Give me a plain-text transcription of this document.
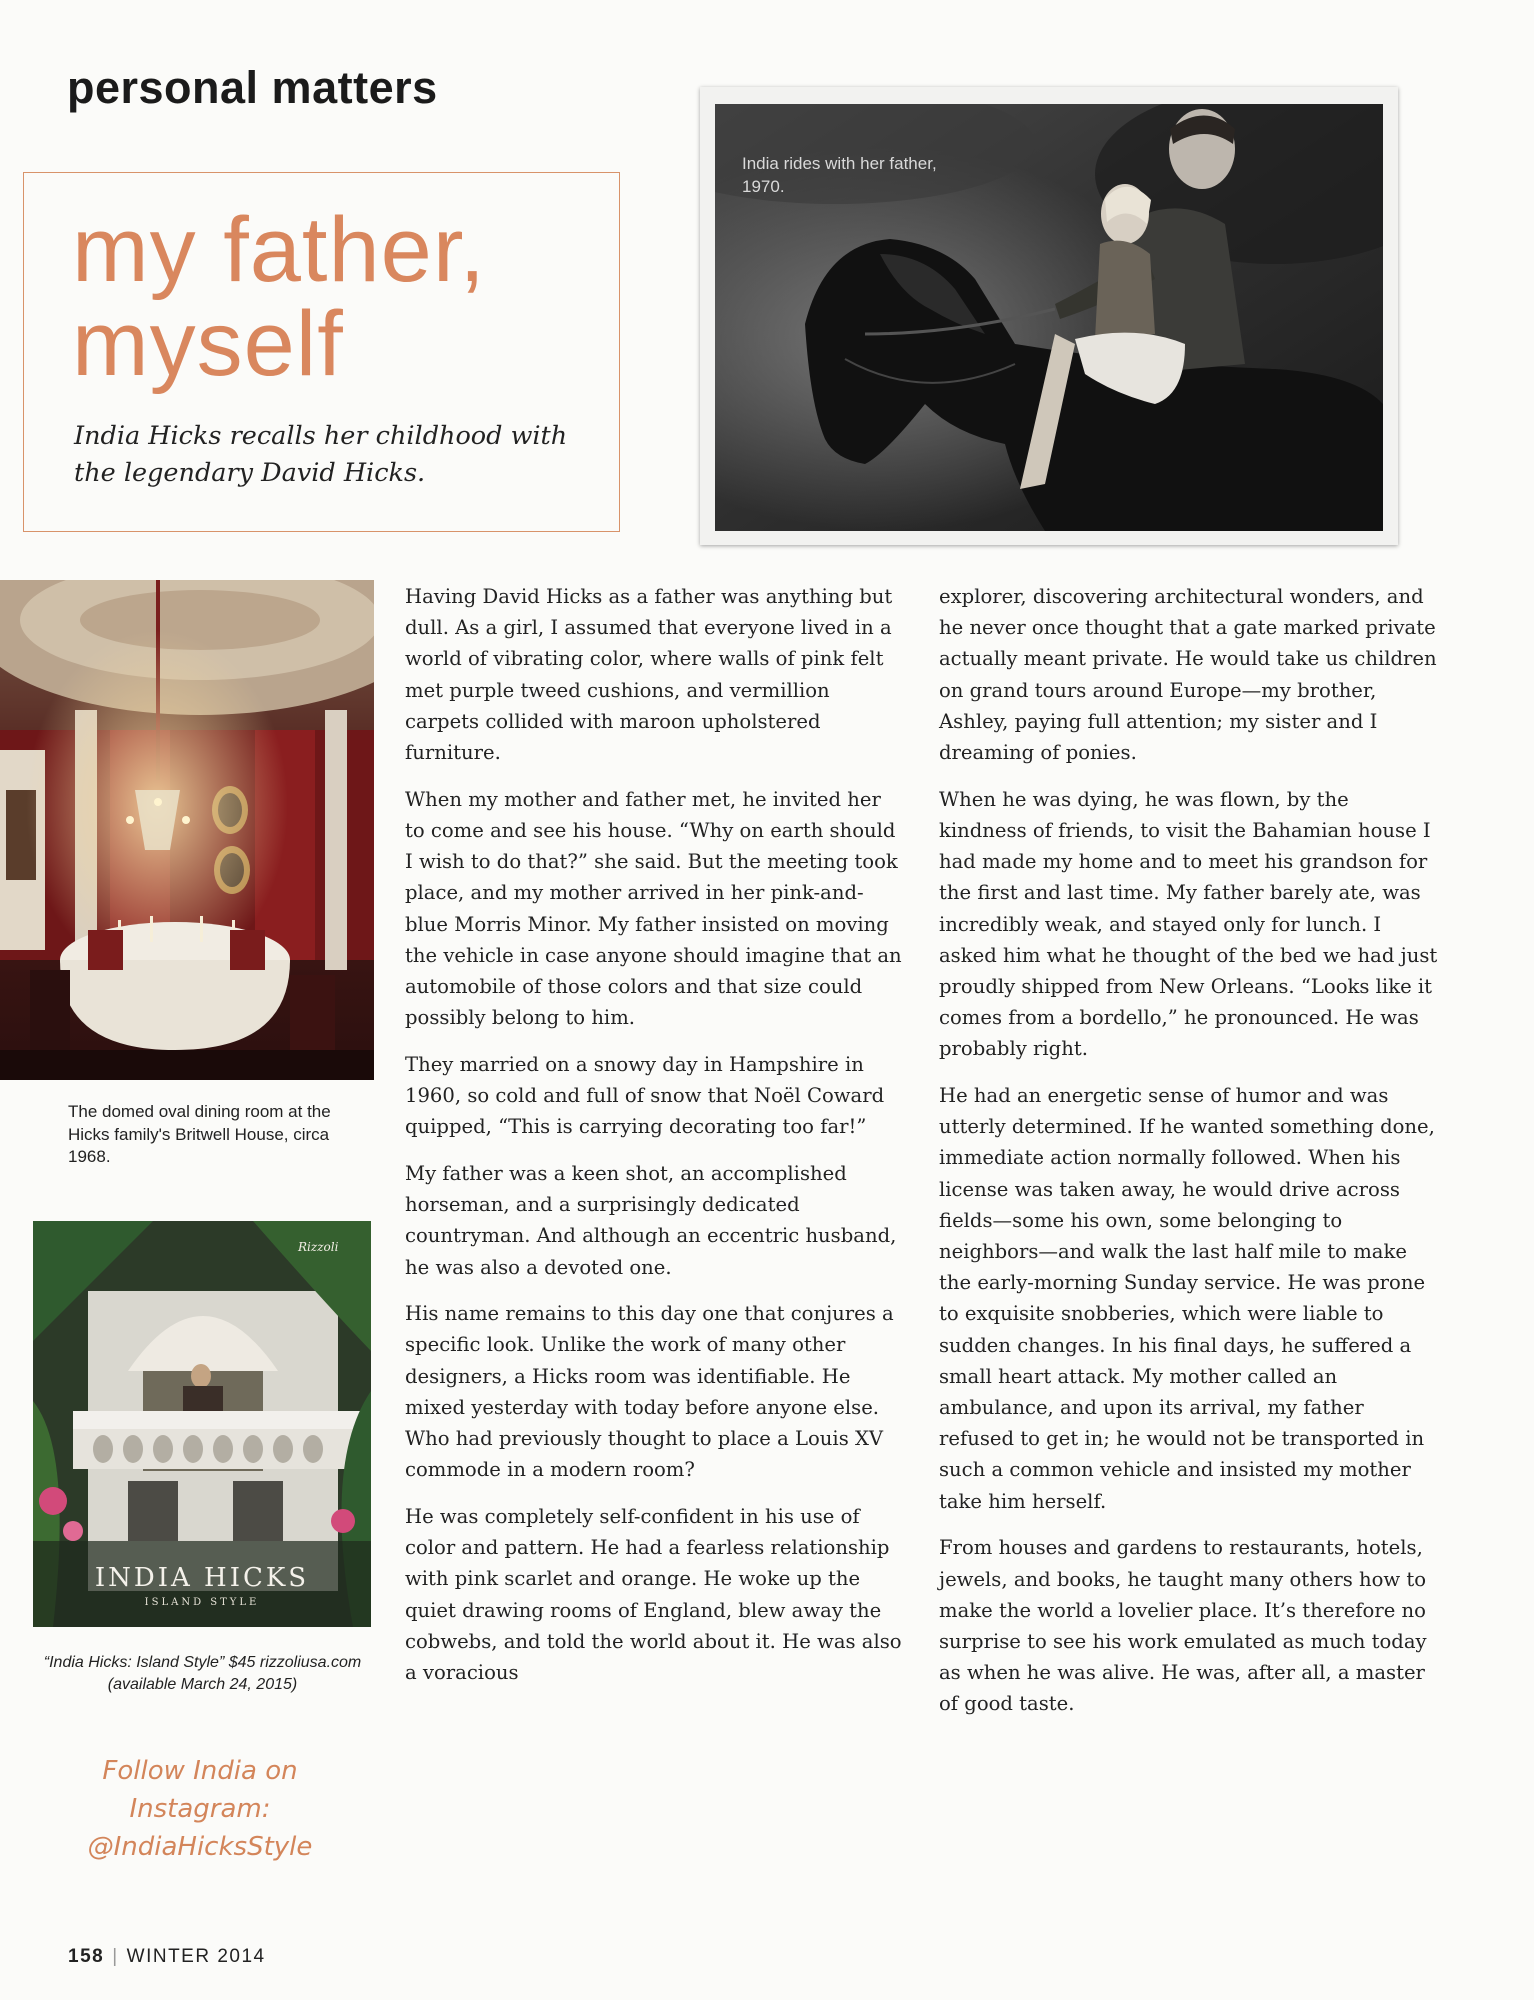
personal matters
my father, myself

India Hicks recalls her childhood with the legendary David Hicks.

India rides with her father, 1970.
The domed oval dining room at the Hicks family's Britwell House, circa 1968.
Rizzoli
INDIA HICKS
ISLAND STYLE
“India Hicks: Island Style” $45 rizzoliusa.com (available March 24, 2015)
Follow India on
Instagram:
@IndiaHicksStyle

Having David Hicks as a father was anything but dull. As a girl, I assumed that everyone lived in a world of vibrating color, where walls of pink felt met purple tweed cushions, and vermillion carpets collided with maroon upholstered furniture.

When my mother and father met, he invited her to come and see his house. “Why on earth should I wish to do that?” she said. But the meeting took place, and my mother arrived in her pink-and-blue Morris Minor. My father insisted on moving the vehicle in case anyone should imagine that an automobile of those colors and that size could possibly belong to him.

They married on a snowy day in Hampshire in 1960, so cold and full of snow that Noël Coward quipped, “This is carrying decorating too far!”

My father was a keen shot, an accomplished horseman, and a surprisingly dedicated countryman. And although an eccentric husband, he was also a devoted one.

His name remains to this day one that conjures a specific look. Unlike the work of many other designers, a Hicks room was identifiable. He mixed yesterday with today before anyone else. Who had previously thought to place a Louis XV commode in a modern room?

He was completely self-confident in his use of color and pattern. He had a fearless relationship with pink scarlet and orange. He woke up the quiet drawing rooms of England, blew away the cobwebs, and told the world about it. He was also a voracious

explorer, discovering architectural wonders, and he never once thought that a gate marked private actually meant private. He would take us children on grand tours around Europe—my brother, Ashley, paying full attention; my sister and I dreaming of ponies.

When he was dying, he was flown, by the kindness of friends, to visit the Bahamian house I had made my home and to meet his grandson for the first and last time. My father barely ate, was incredibly weak, and stayed only for lunch. I asked him what he thought of the bed we had just proudly shipped from New Orleans. “Looks like it comes from a bordello,” he pronounced. He was probably right.

He had an energetic sense of humor and was utterly determined. If he wanted something done, immediate action normally followed. When his license was taken away, he would drive across fields—some his own, some belonging to neighbors—and walk the last half mile to make the early-morning Sunday service. He was prone to exquisite snobberies, which were liable to sudden changes. In his final days, he suffered a small heart attack. My mother called an ambulance, and upon its arrival, my father refused to get in; he would not be transported in such a common vehicle and insisted my mother take him herself.

From houses and gardens to restaurants, hotels, jewels, and books, he taught many others how to make the world a lovelier place. It’s therefore no surprise to see his work emulated as much today as when he was alive. He was, after all, a master of good taste.

158 | WINTER 2014
